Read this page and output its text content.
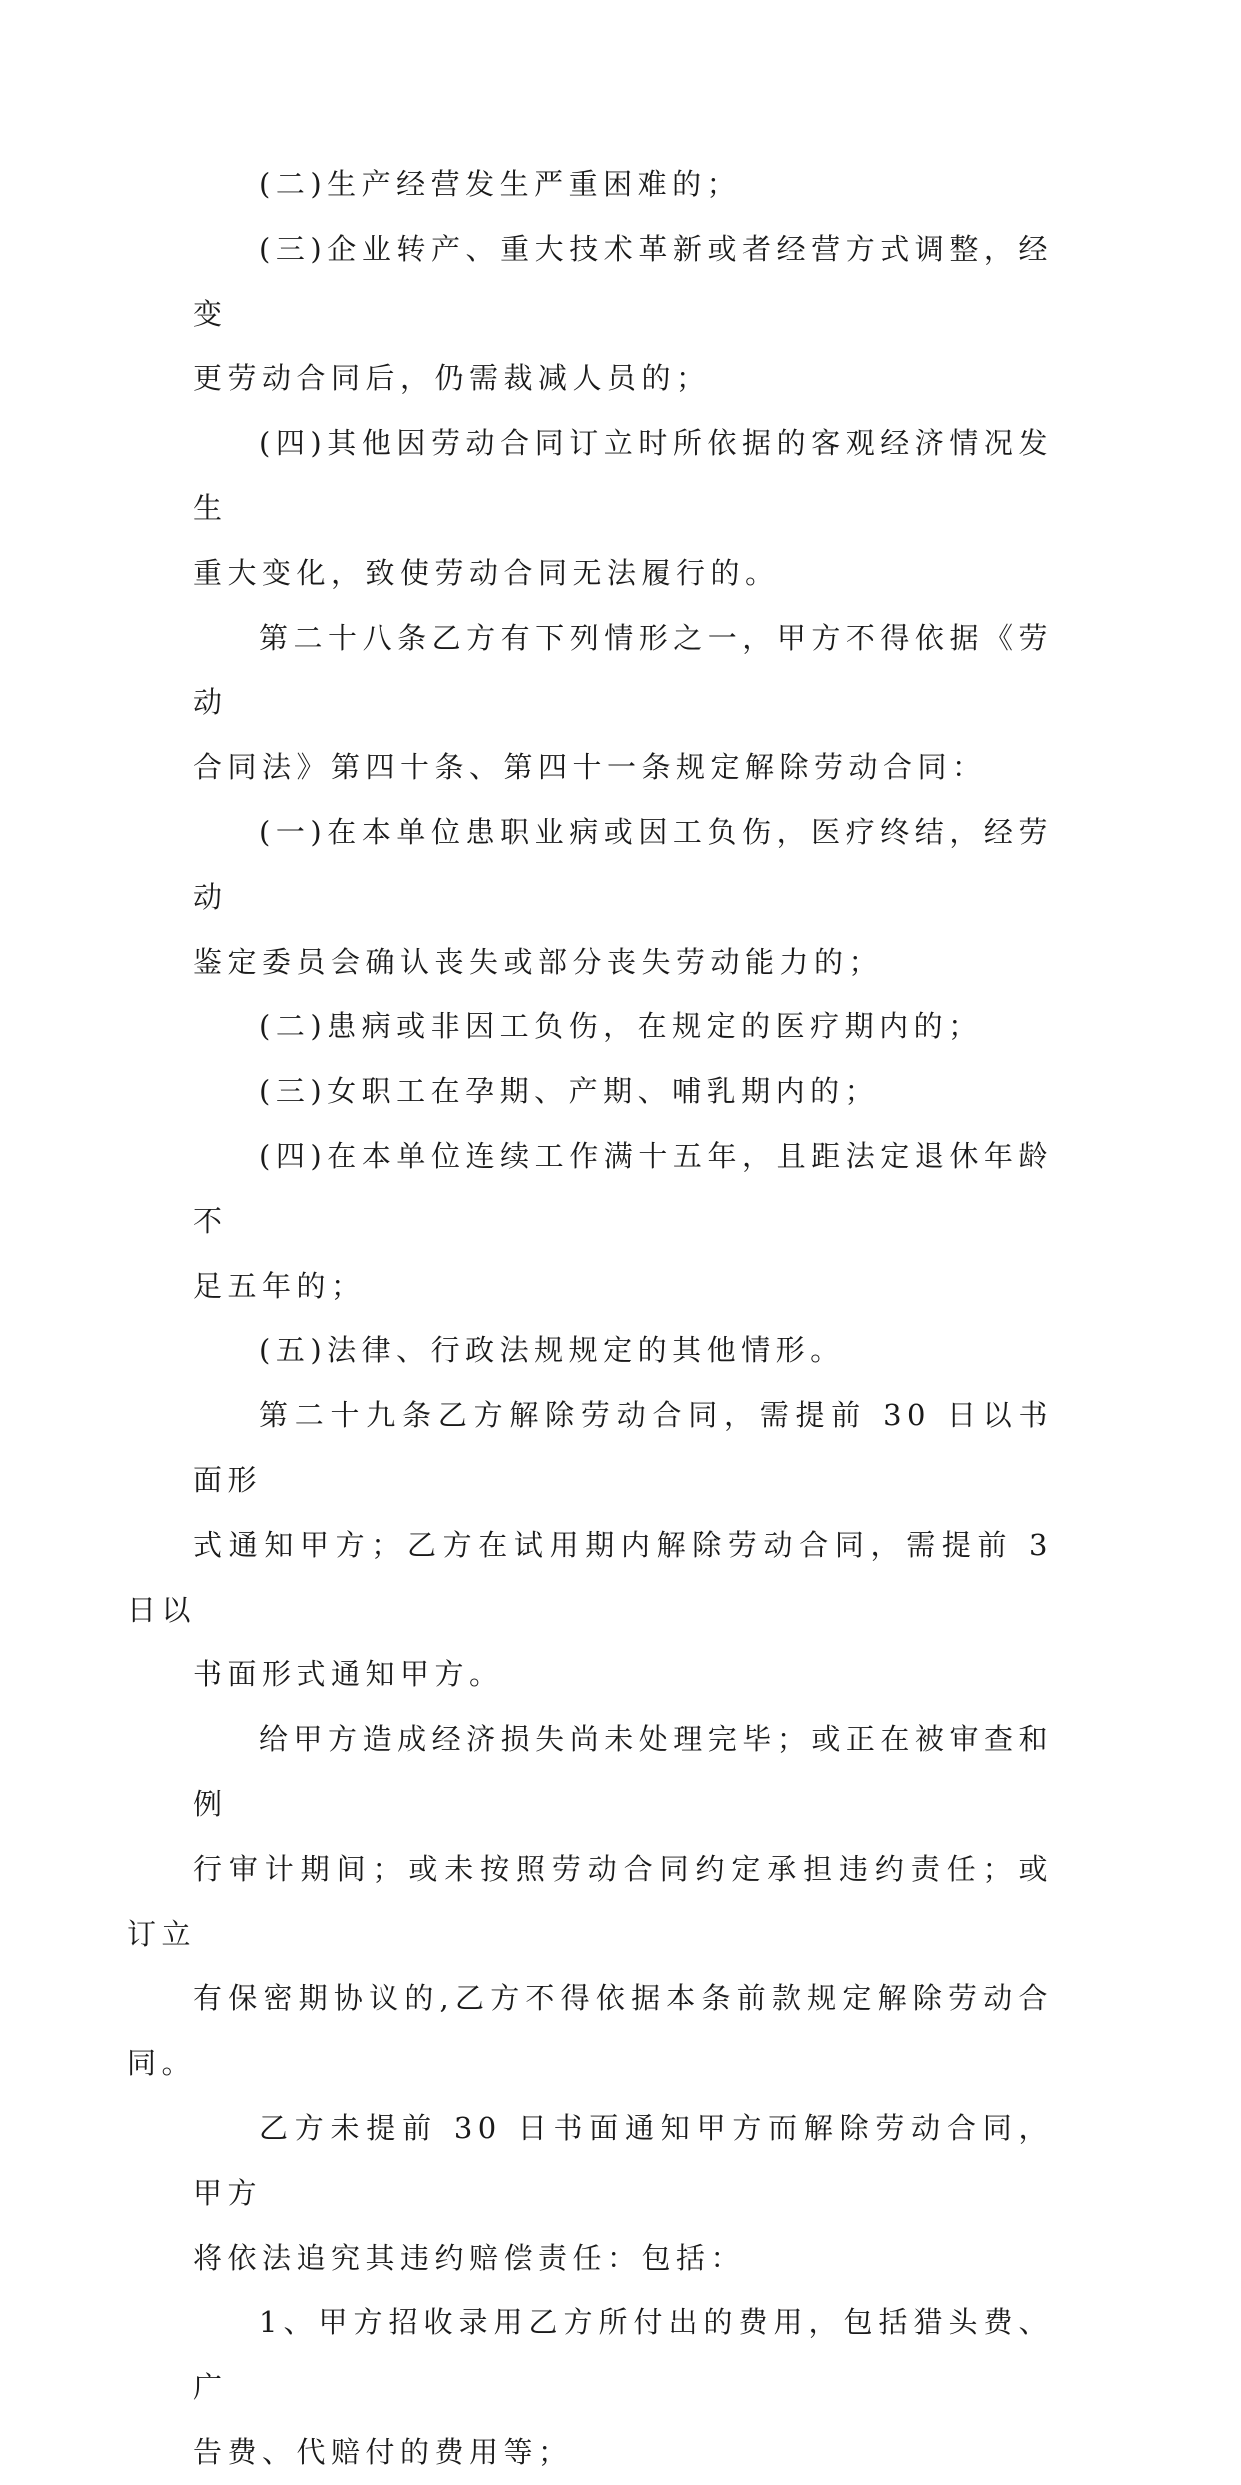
(二)生产经营发生严重困难的；

(三)企业转产、重大技术革新或者经营方式调整，经变
更劳动合同后，仍需裁减人员的；

(四)其他因劳动合同订立时所依据的客观经济情况发生
重大变化，致使劳动合同无法履行的。

第二十八条乙方有下列情形之一，甲方不得依据《劳动
合同法》第四十条、第四十一条规定解除劳动合同：

(一)在本单位患职业病或因工负伤，医疗终结，经劳动
鉴定委员会确认丧失或部分丧失劳动能力的；

(二)患病或非因工负伤，在规定的医疗期内的；

(三)女职工在孕期、产期、哺乳期内的；

(四)在本单位连续工作满十五年，且距法定退休年龄不
足五年的；

(五)法律、行政法规规定的其他情形。

第二十九条乙方解除劳动合同，需提前 30 日以书面形
式通知甲方；乙方在试用期内解除劳动合同，需提前 3 日以
书面形式通知甲方。

给甲方造成经济损失尚未处理完毕；或正在被审查和例
行审计期间；或未按照劳动合同约定承担违约责任；或订立
有保密期协议的,乙方不得依据本条前款规定解除劳动合同。

乙方未提前 30 日书面通知甲方而解除劳动合同，甲方
将依法追究其违约赔偿责任：包括：

1、甲方招收录用乙方所付出的费用，包括猎头费、广
告费、代赔付的费用等；
